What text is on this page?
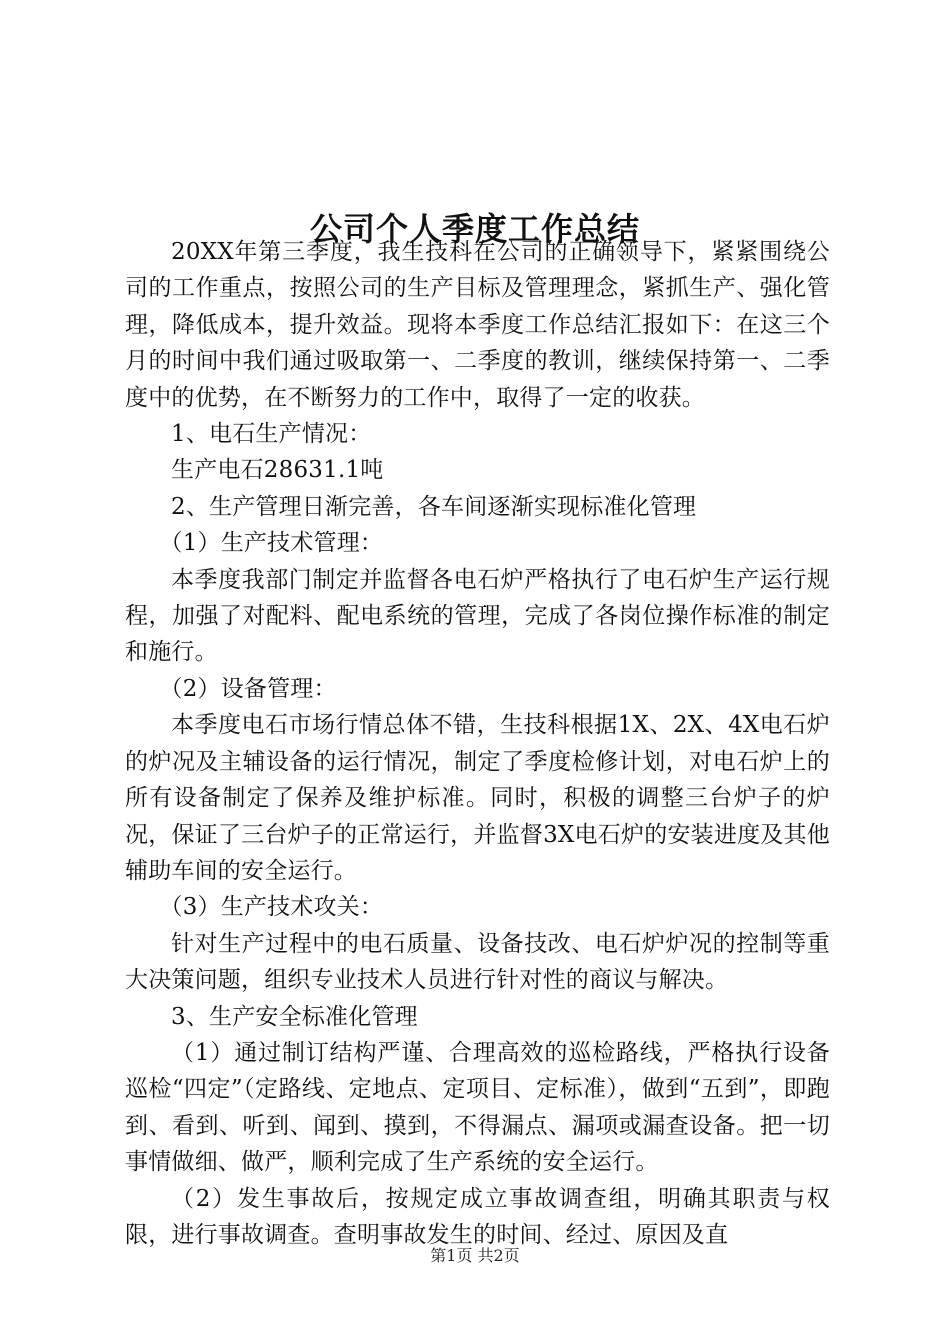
公司个人季度工作总结

20XX年第三季度，我生技科在公司的正确领导下，紧紧围绕公司的工作重点，按照公司的生产目标及管理理念，紧抓生产、强化管理，降低成本，提升效益。现将本季度工作总结汇报如下：在这三个月的时间中我们通过吸取第一、二季度的教训，继续保持第一、二季度中的优势，在不断努力的工作中，取得了一定的收获。

1、电石生产情况：

生产电石28631.1吨

2、生产管理日渐完善，各车间逐渐实现标准化管理

（1）生产技术管理：

本季度我部门制定并监督各电石炉严格执行了电石炉生产运行规程，加强了对配料、配电系统的管理，完成了各岗位操作标准的制定和施行。

（2）设备管理：

本季度电石市场行情总体不错，生技科根据1X、2X、4X电石炉的炉况及主辅设备的运行情况，制定了季度检修计划，对电石炉上的所有设备制定了保养及维护标准。同时，积极的调整三台炉子的炉况，保证了三台炉子的正常运行，并监督3X电石炉的安装进度及其他辅助车间的安全运行。

（3）生产技术攻关：

针对生产过程中的电石质量、设备技改、电石炉炉况的控制等重大决策问题，组织专业技术人员进行针对性的商议与解决。

3、生产安全标准化管理

（1）通过制订结构严谨、合理高效的巡检路线，严格执行设备巡检“四定”（定路线、定地点、定项目、定标准），做到“五到”，即跑到、看到、听到、闻到、摸到，不得漏点、漏项或漏查设备。把一切事情做细、做严，顺利完成了生产系统的安全运行。

（2）发生事故后，按规定成立事故调查组，明确其职责与权限，进行事故调查。查明事故发生的时间、经过、原因及直

第1页 共2页
